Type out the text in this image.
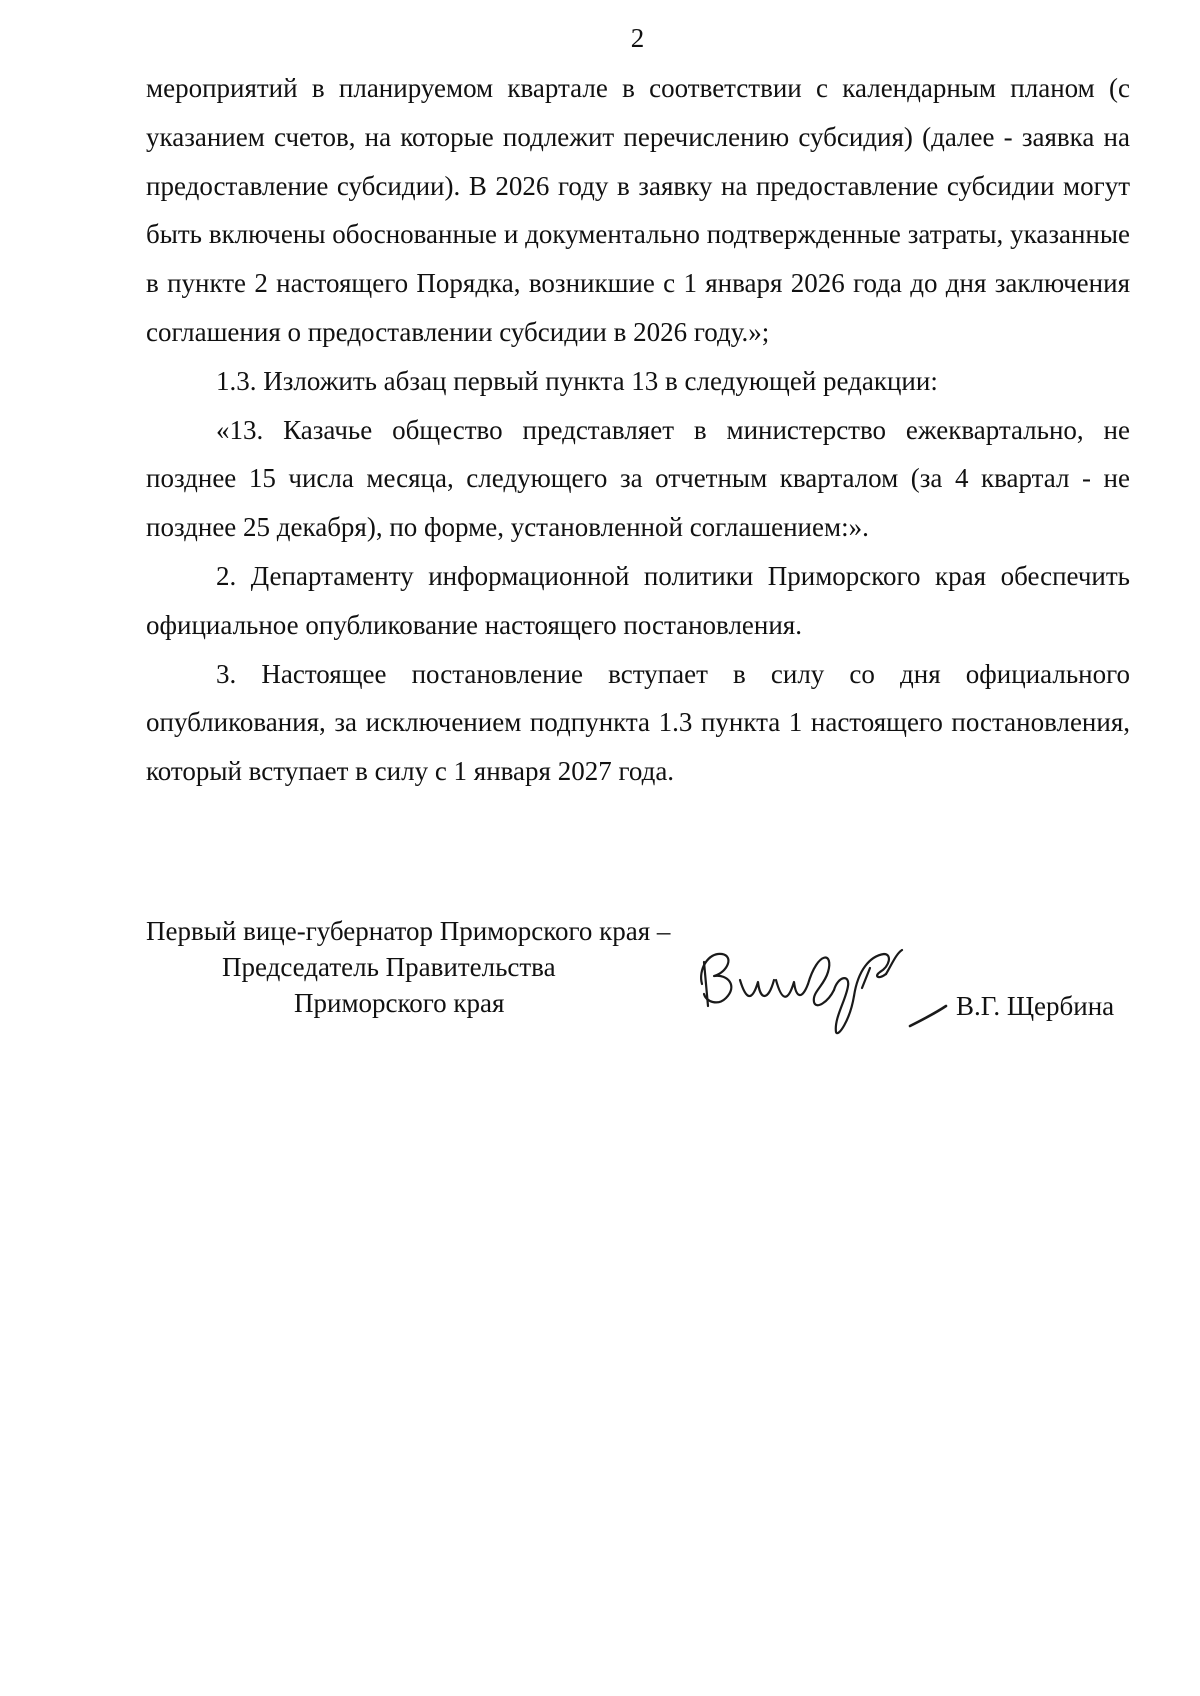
2

мероприятий в планируемом квартале в соответствии с календарным планом (с указанием счетов, на которые подлежит перечислению субсидия) (далее - заявка на предоставление субсидии). В 2026 году в заявку на предоставление субсидии могут быть включены обоснованные и документально подтвержденные затраты, указанные в пункте 2 настоящего Порядка, возникшие с 1 января 2026 года до дня заключения соглашения о предоставлении субсидии в 2026 году.»;

1.3. Изложить абзац первый пункта 13 в следующей редакции:

«13. Казачье общество представляет в министерство ежеквартально, не позднее 15 числа месяца, следующего за отчетным кварталом (за 4 квартал - не позднее 25 декабря), по форме, установленной соглашением:».

2. Департаменту информационной политики Приморского края обеспечить официальное опубликование настоящего постановления.

3. Настоящее постановление вступает в силу со дня официального опубликования, за исключением подпункта 1.3 пункта 1 настоящего постановления, который вступает в силу с 1 января 2027 года.

Первый вице-губернатор Приморского края –
Председатель Правительства
Приморского края	В.Г. Щербина
